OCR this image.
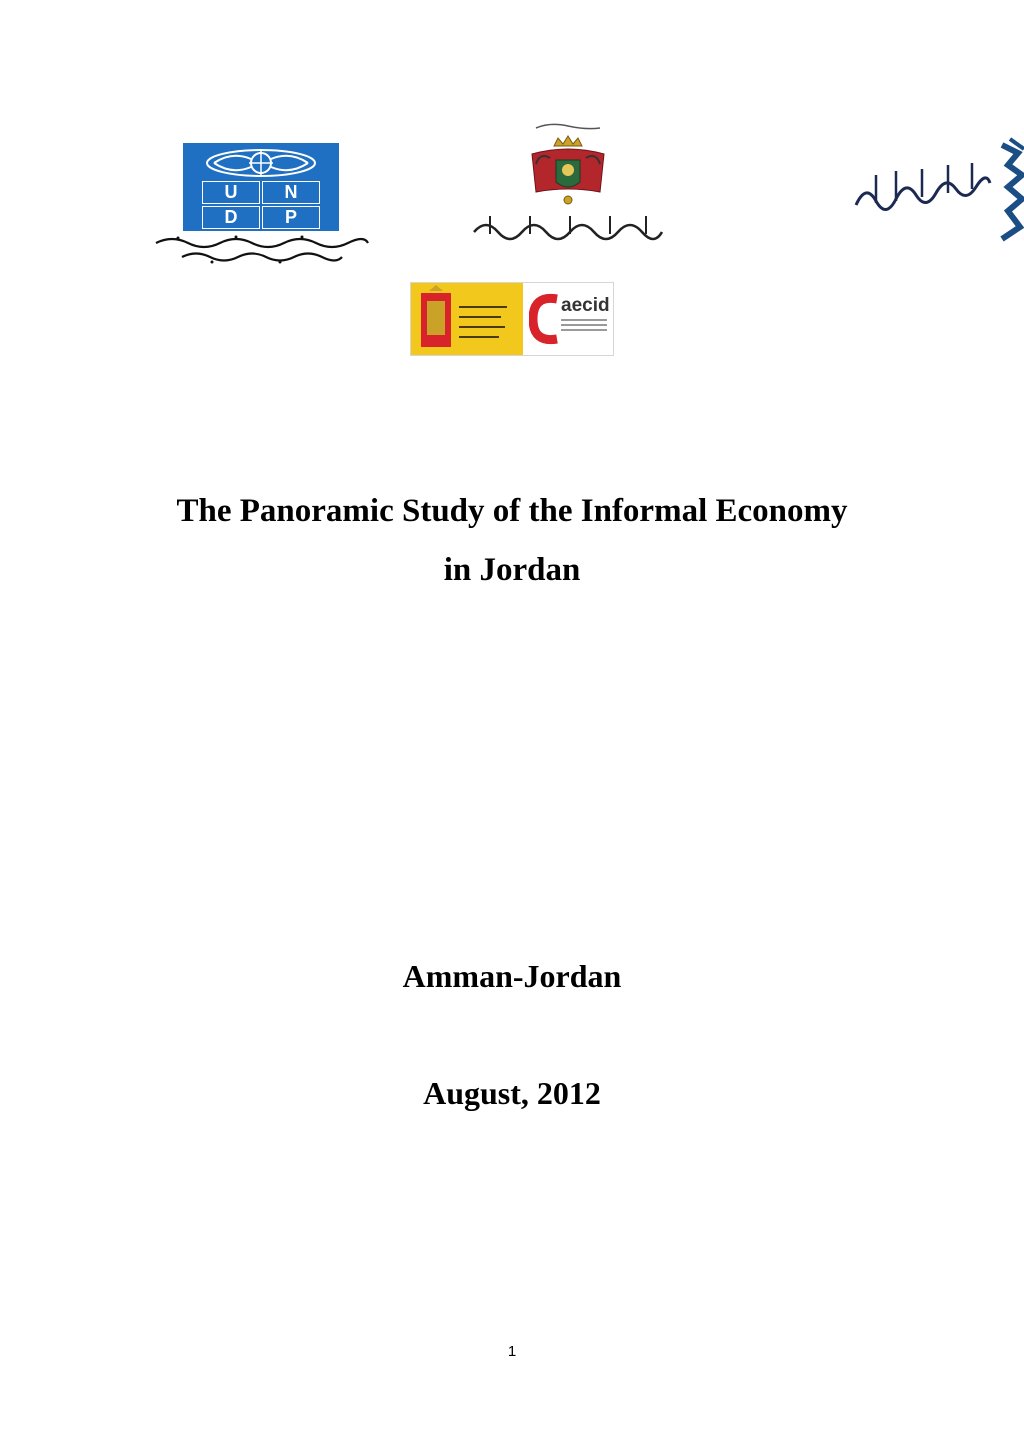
U	N
D	P
aecid
The Panoramic Study of the Informal Economy
in Jordan
Amman-Jordan
August, 2012
1
